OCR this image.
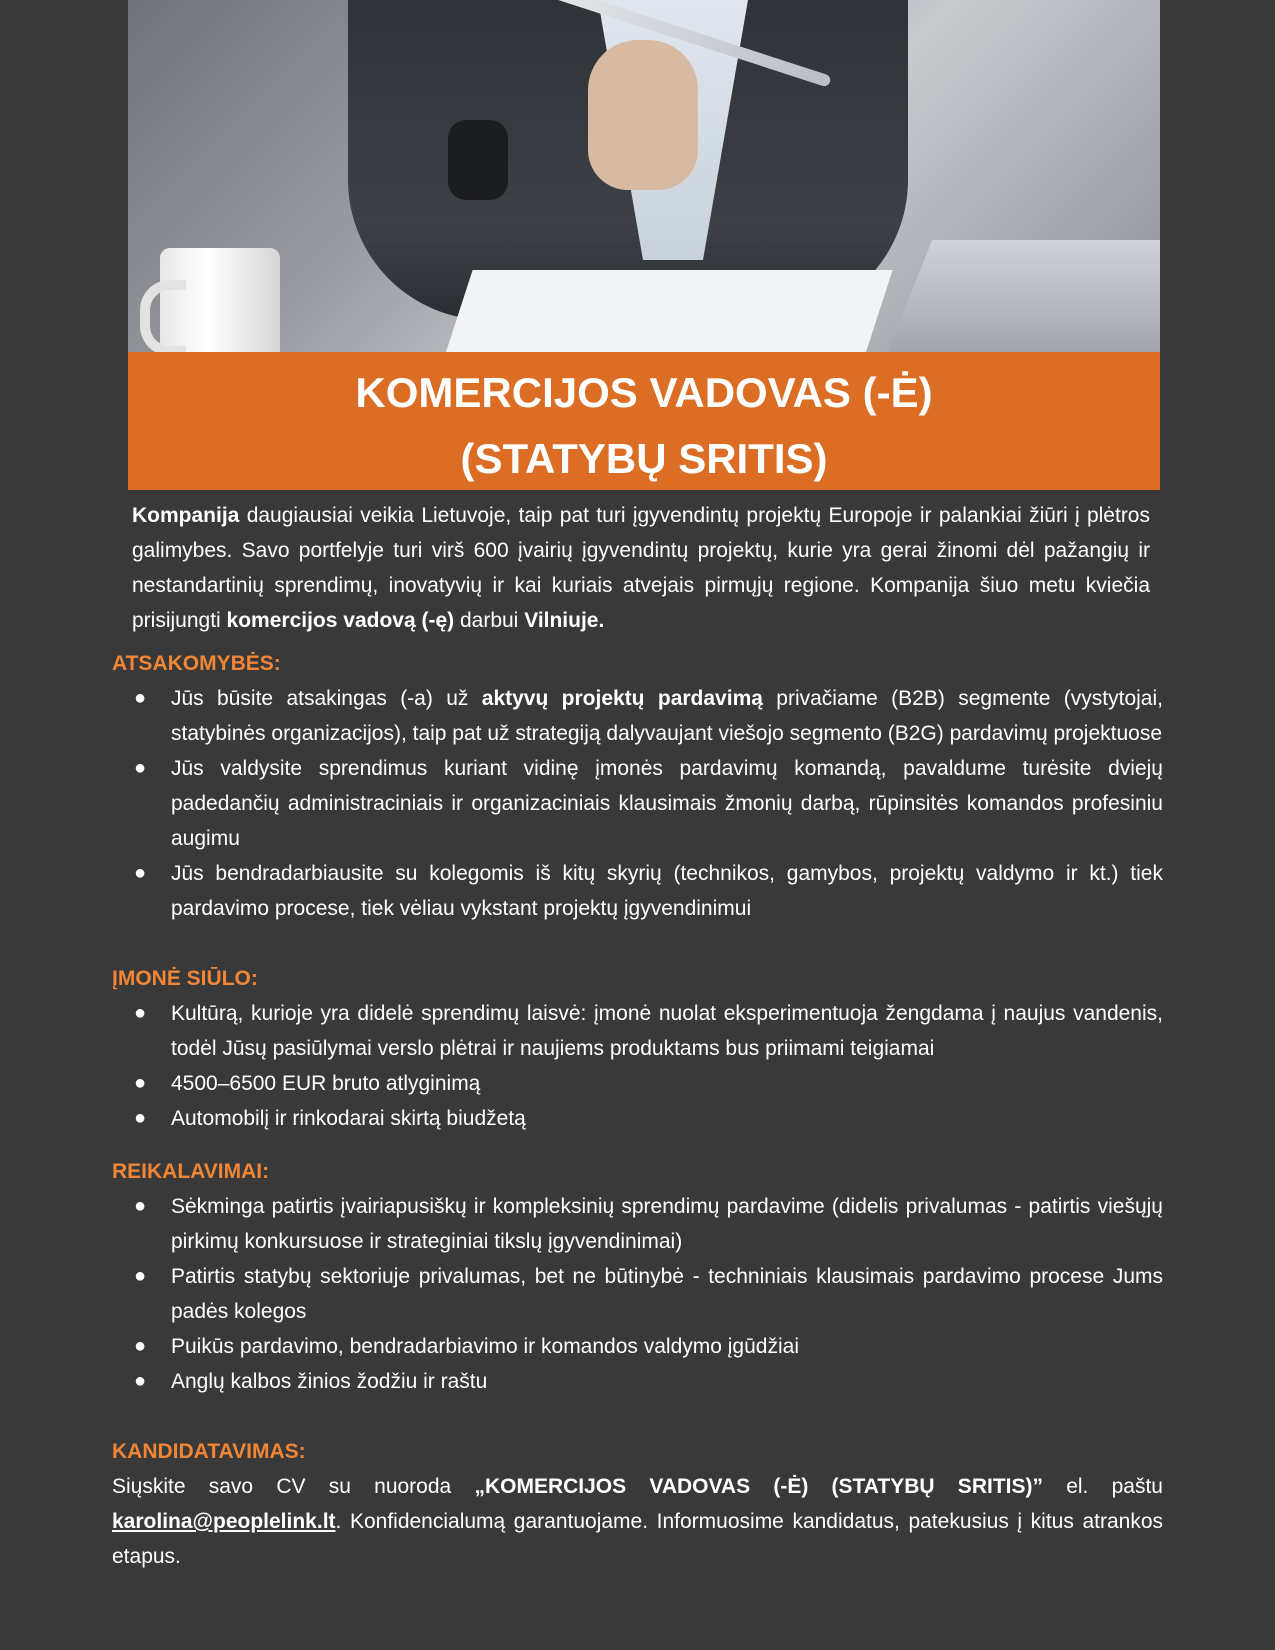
KOMERCIJOS VADOVAS (-Ė)
(STATYBŲ SRITIS)

Kompanija daugiausiai veikia Lietuvoje, taip pat turi įgyvendintų projektų Europoje ir palankiai žiūri į plėtros galimybes. Savo portfelyje turi virš 600 įvairių įgyvendintų projektų, kurie yra gerai žinomi dėl pažangių ir nestandartinių sprendimų, inovatyvių ir kai kuriais atvejais pirmųjų regione. Kompanija šiuo metu kviečia prisijungti komercijos vadovą (-ę) darbui Vilniuje.

ATSAKOMYBĖS:

● Jūs būsite atsakingas (-a) už aktyvų projektų pardavimą privačiame (B2B) segmente (vystytojai, statybinės organizacijos), taip pat už strategiją dalyvaujant viešojo segmento (B2G) pardavimų projektuose
● Jūs valdysite sprendimus kuriant vidinę įmonės pardavimų komandą, pavaldume turėsite dviejų padedančių administraciniais ir organizaciniais klausimais žmonių darbą, rūpinsitės komandos profesiniu augimu
● Jūs bendradarbiausite su kolegomis iš kitų skyrių (technikos, gamybos, projektų valdymo ir kt.) tiek pardavimo procese, tiek vėliau vykstant projektų įgyvendinimui

ĮMONĖ SIŪLO:

● Kultūrą, kurioje yra didelė sprendimų laisvė: įmonė nuolat eksperimentuoja žengdama į naujus vandenis, todėl Jūsų pasiūlymai verslo plėtrai ir naujiems produktams bus priimami teigiamai
● 4500–6500 EUR bruto atlyginimą
● Automobilį ir rinkodarai skirtą biudžetą

REIKALAVIMAI:

● Sėkminga patirtis įvairiapusiškų ir kompleksinių sprendimų pardavime (didelis privalumas - patirtis viešųjų pirkimų konkursuose ir strateginiai tikslų įgyvendinimai)
● Patirtis statybų sektoriuje privalumas, bet ne būtinybė - techniniais klausimais pardavimo procese Jums padės kolegos
● Puikūs pardavimo, bendradarbiavimo ir komandos valdymo įgūdžiai
● Anglų kalbos žinios žodžiu ir raštu

KANDIDATAVIMAS:

Siųskite savo CV su nuoroda „KOMERCIJOS VADOVAS (-Ė) (STATYBŲ SRITIS)” el. paštu karolina@peoplelink.lt. Konfidencialumą garantuojame. Informuosime kandidatus, patekusius į kitus atrankos etapus.
